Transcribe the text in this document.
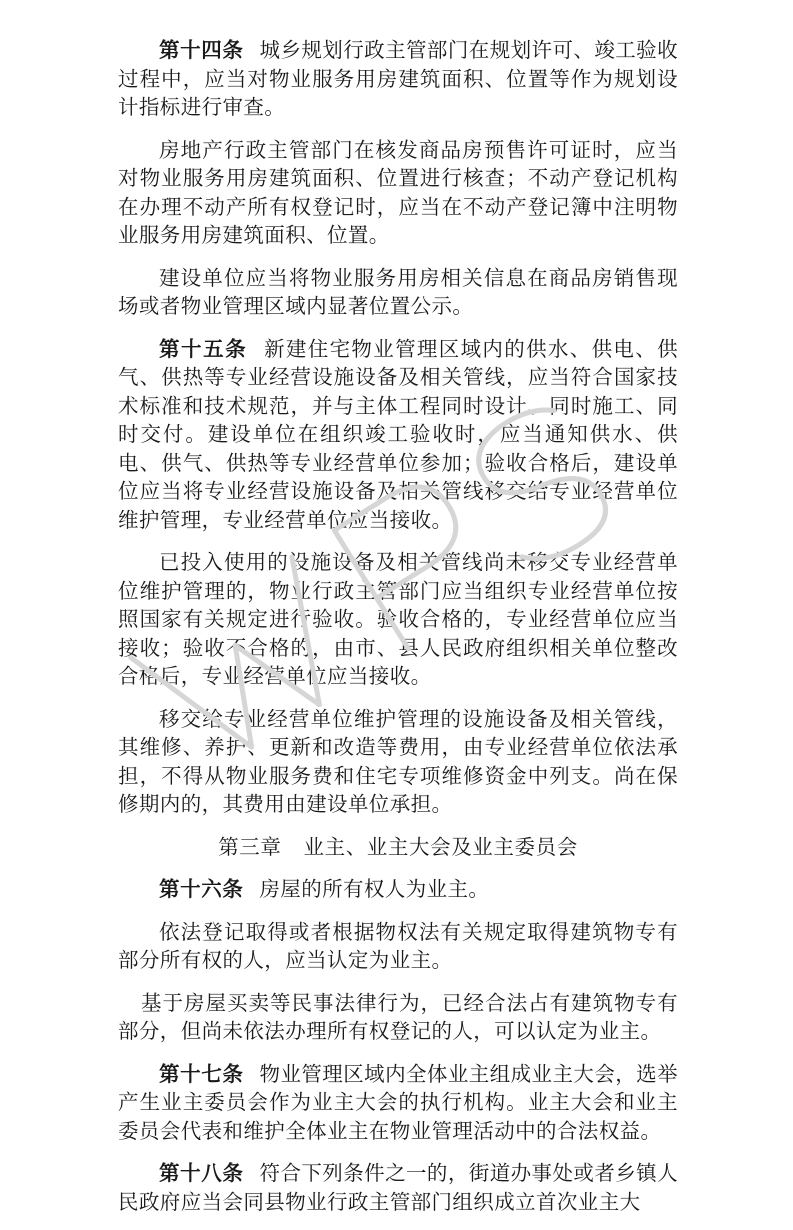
第十四条 城乡规划行政主管部门在规划许可、竣工验收过程中，应当对物业服务用房建筑面积、位置等作为规划设计指标进行审查。

房地产行政主管部门在核发商品房预售许可证时，应当对物业服务用房建筑面积、位置进行核查；不动产登记机构在办理不动产所有权登记时，应当在不动产登记簿中注明物业服务用房建筑面积、位置。

建设单位应当将物业服务用房相关信息在商品房销售现场或者物业管理区域内显著位置公示。

第十五条 新建住宅物业管理区域内的供水、供电、供气、供热等专业经营设施设备及相关管线，应当符合国家技术标准和技术规范，并与主体工程同时设计、同时施工、同时交付。建设单位在组织竣工验收时，应当通知供水、供电、供气、供热等专业经营单位参加；验收合格后，建设单位应当将专业经营设施设备及相关管线移交给专业经营单位维护管理，专业经营单位应当接收。

已投入使用的设施设备及相关管线尚未移交专业经营单位维护管理的，物业行政主管部门应当组织专业经营单位按照国家有关规定进行验收。验收合格的，专业经营单位应当接收；验收不合格的，由市、县人民政府组织相关单位整改合格后，专业经营单位应当接收。

移交给专业经营单位维护管理的设施设备及相关管线，其维修、养护、更新和改造等费用，由专业经营单位依法承担，不得从物业服务费和住宅专项维修资金中列支。尚在保修期内的，其费用由建设单位承担。

第三章 业主、业主大会及业主委员会

第十六条 房屋的所有权人为业主。

依法登记取得或者根据物权法有关规定取得建筑物专有部分所有权的人，应当认定为业主。

基于房屋买卖等民事法律行为，已经合法占有建筑物专有部分，但尚未依法办理所有权登记的人，可以认定为业主。

第十七条 物业管理区域内全体业主组成业主大会，选举产生业主委员会作为业主大会的执行机构。业主大会和业主委员会代表和维护全体业主在物业管理活动中的合法权益。

第十八条 符合下列条件之一的，街道办事处或者乡镇人民政府应当会同县物业行政主管部门组织成立首次业主大
